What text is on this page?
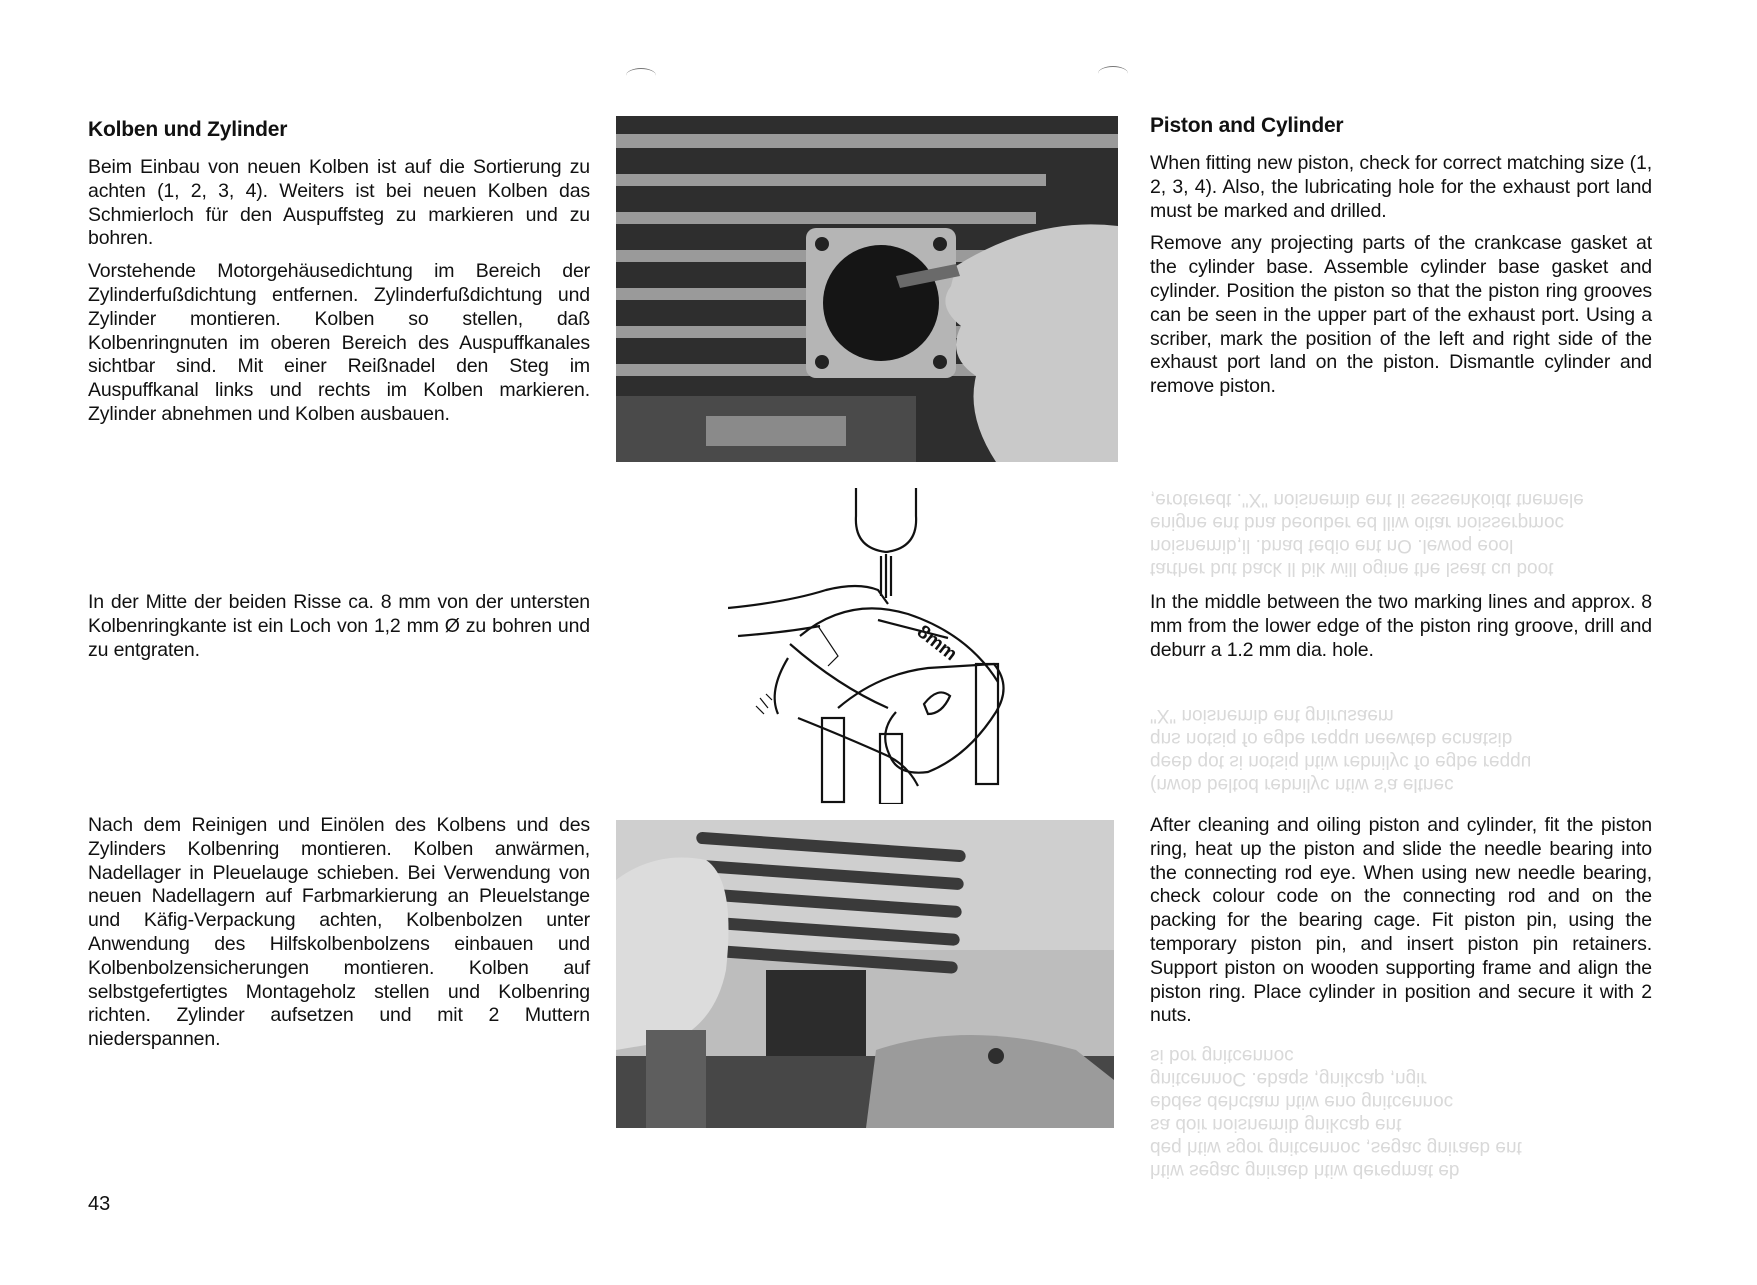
tarther but back ll bik will ogine the lseat cu boot
noisnemib,il .bnad tedio ent nO .lewoq eool
enigne ent bna beouber ed lliw oitar noisserpmoc
,eroteredt ."X" noisnemib ent li sessenkoidt tnemele
(nwob beltod rebnilyc ntiw s'a eltnec
qeeb qot si notsiq htiw rebnilyc fo egbe reqqu
qns notsiq fo egbe reqqu neewteb ecnatsib
"X" noisnemib ent gnirusaem
htiw segac gniraeb htiw dereqmat eb
deq htiw sgor gnitcennoc ,segac gniraeb ent
sa doir noisnemib gnikcap ent
ebdes dehctam htiw eno gnitcennoc
gnitcennoC .ebaqs ,gnikcap ,ngir
si bor gnitcennoc
Kolben und Zylinder

Beim Einbau von neuen Kolben ist auf die Sortierung zu achten (1, 2, 3, 4). Weiters ist bei neuen Kolben das Schmierloch für den Auspuffsteg zu markieren und zu bohren.

Vorstehende Motorgehäusedichtung im Bereich der Zylinderfußdichtung entfernen. Zylinderfußdichtung und Zylinder montieren. Kolben so stellen, daß Kolbenringnuten im oberen Bereich des Auspuffkanales sichtbar sind. Mit einer Reißnadel den Steg im Auspuffkanal links und rechts im Kolben markieren. Zylinder abnehmen und Kolben ausbauen.

In der Mitte der beiden Risse ca. 8 mm von der untersten Kolbenringkante ist ein Loch von 1,2 mm Ø zu bohren und zu entgraten.

Nach dem Reinigen und Einölen des Kolbens und des Zylinders Kolbenring montieren. Kolben anwärmen, Nadellager in Pleuelauge schieben. Bei Verwendung von neuen Nadellagern auf Farbmarkierung an Pleuelstange und Käfig-Verpackung achten, Kolbenbolzen unter Anwendung des Hilfskolbenbolzens einbauen und Kolbenbolzensicherungen montieren. Kolben auf selbstgefertigtes Montageholz stellen und Kolbenring richten. Zylinder aufsetzen und mit 2 Muttern niederspannen.

Piston and Cylinder

When fitting new piston, check for correct matching size (1, 2, 3, 4). Also, the lubricating hole for the exhaust port land must be marked and drilled.

Remove any projecting parts of the crankcase gasket at the cylinder base. Assemble cylinder base gasket and cylinder. Position the piston so that the piston ring grooves can be seen in the upper part of the exhaust port. Using a scriber, mark the position of the left and right side of the exhaust port land on the piston. Dismantle cylinder and remove piston.

In the middle between the two marking lines and approx. 8 mm from the lower edge of the piston ring groove, drill and deburr a 1.2 mm dia. hole.

After cleaning and oiling piston and cylinder, fit the piston ring, heat up the piston and slide the needle bearing into the connecting rod eye. When using new needle bearing, check colour code on the connecting rod and on the packing for the bearing cage. Fit piston pin, using the temporary piston pin, and insert piston pin retainers. Support piston on wooden supporting frame and align the piston ring. Place cylinder in position and secure it with 2 nuts.

8mm
43
